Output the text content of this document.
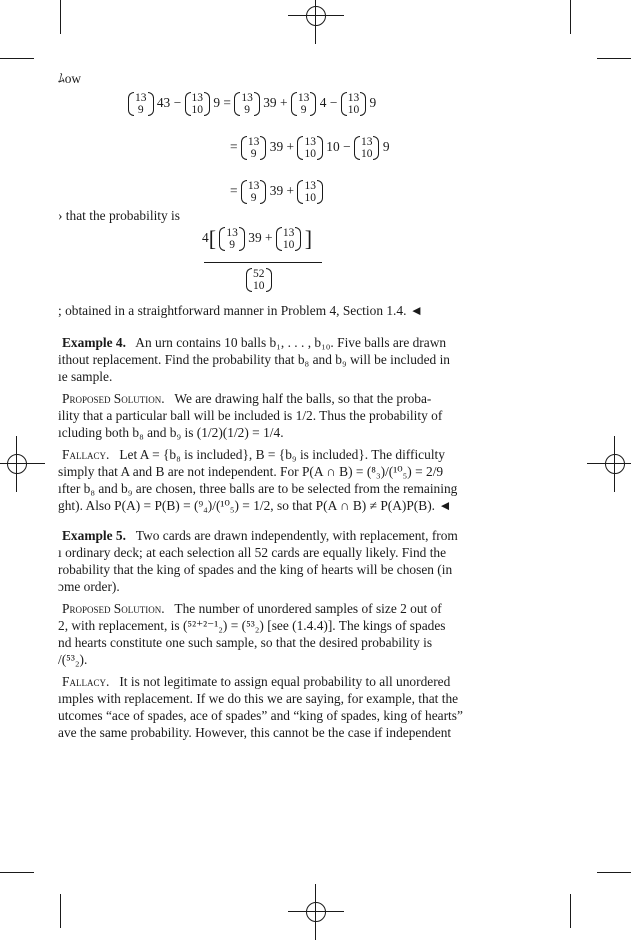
ﾑow
13
9 43 − 13
10 9 = 13
9 39 + 13
9 4 − 13
10 9
= 13
9 39 + 13
10 10 − 13
10 9
= 13
9 39 + 13
10
› that the probability is
4[ 13
9 39 + 13
10 ]
52
10
; obtained in a straightforward manner in Problem 4, Section 1.4. ◄
Example 4. An urn contains 10 balls b₁, . . . , b₁₀. Five balls are drawn
ithout replacement. Find the probability that b₈ and b₉ will be included in
ıe sample.
Proposed Solution. We are drawing half the balls, so that the proba-
ility that a particular ball will be included is 1/2. Thus the probability of
ıcluding both b₈ and b₉ is (1/2)(1/2) = 1/4.
Fallacy. Let A = {b₈ is included}, B = {b₉ is included}. The difficulty
simply that A and B are not independent. For P(A ∩ B) = (⁸₃)/(¹⁰₅) = 2/9
ıfter b₈ and b₉ are chosen, three balls are to be selected from the remaining
ght). Also P(A) = P(B) = (⁹₄)/(¹⁰₅) = 1/2, so that P(A ∩ B) ≠ P(A)P(B). ◄
Example 5. Two cards are drawn independently, with replacement, from
ı ordinary deck; at each selection all 52 cards are equally likely. Find the
robability that the king of spades and the king of hearts will be chosen (in
ɔme order).
Proposed Solution. The number of unordered samples of size 2 out of
2, with replacement, is (⁵²⁺²⁻¹₂) = (⁵³₂) [see (1.4.4)]. The kings of spades
nd hearts constitute one such sample, so that the desired probability is
/(⁵³₂).
Fallacy. It is not legitimate to assign equal probability to all unordered
ımples with replacement. If we do this we are saying, for example, that the
utcomes “ace of spades, ace of spades” and “king of spades, king of hearts”
ave the same probability. However, this cannot be the case if independent
